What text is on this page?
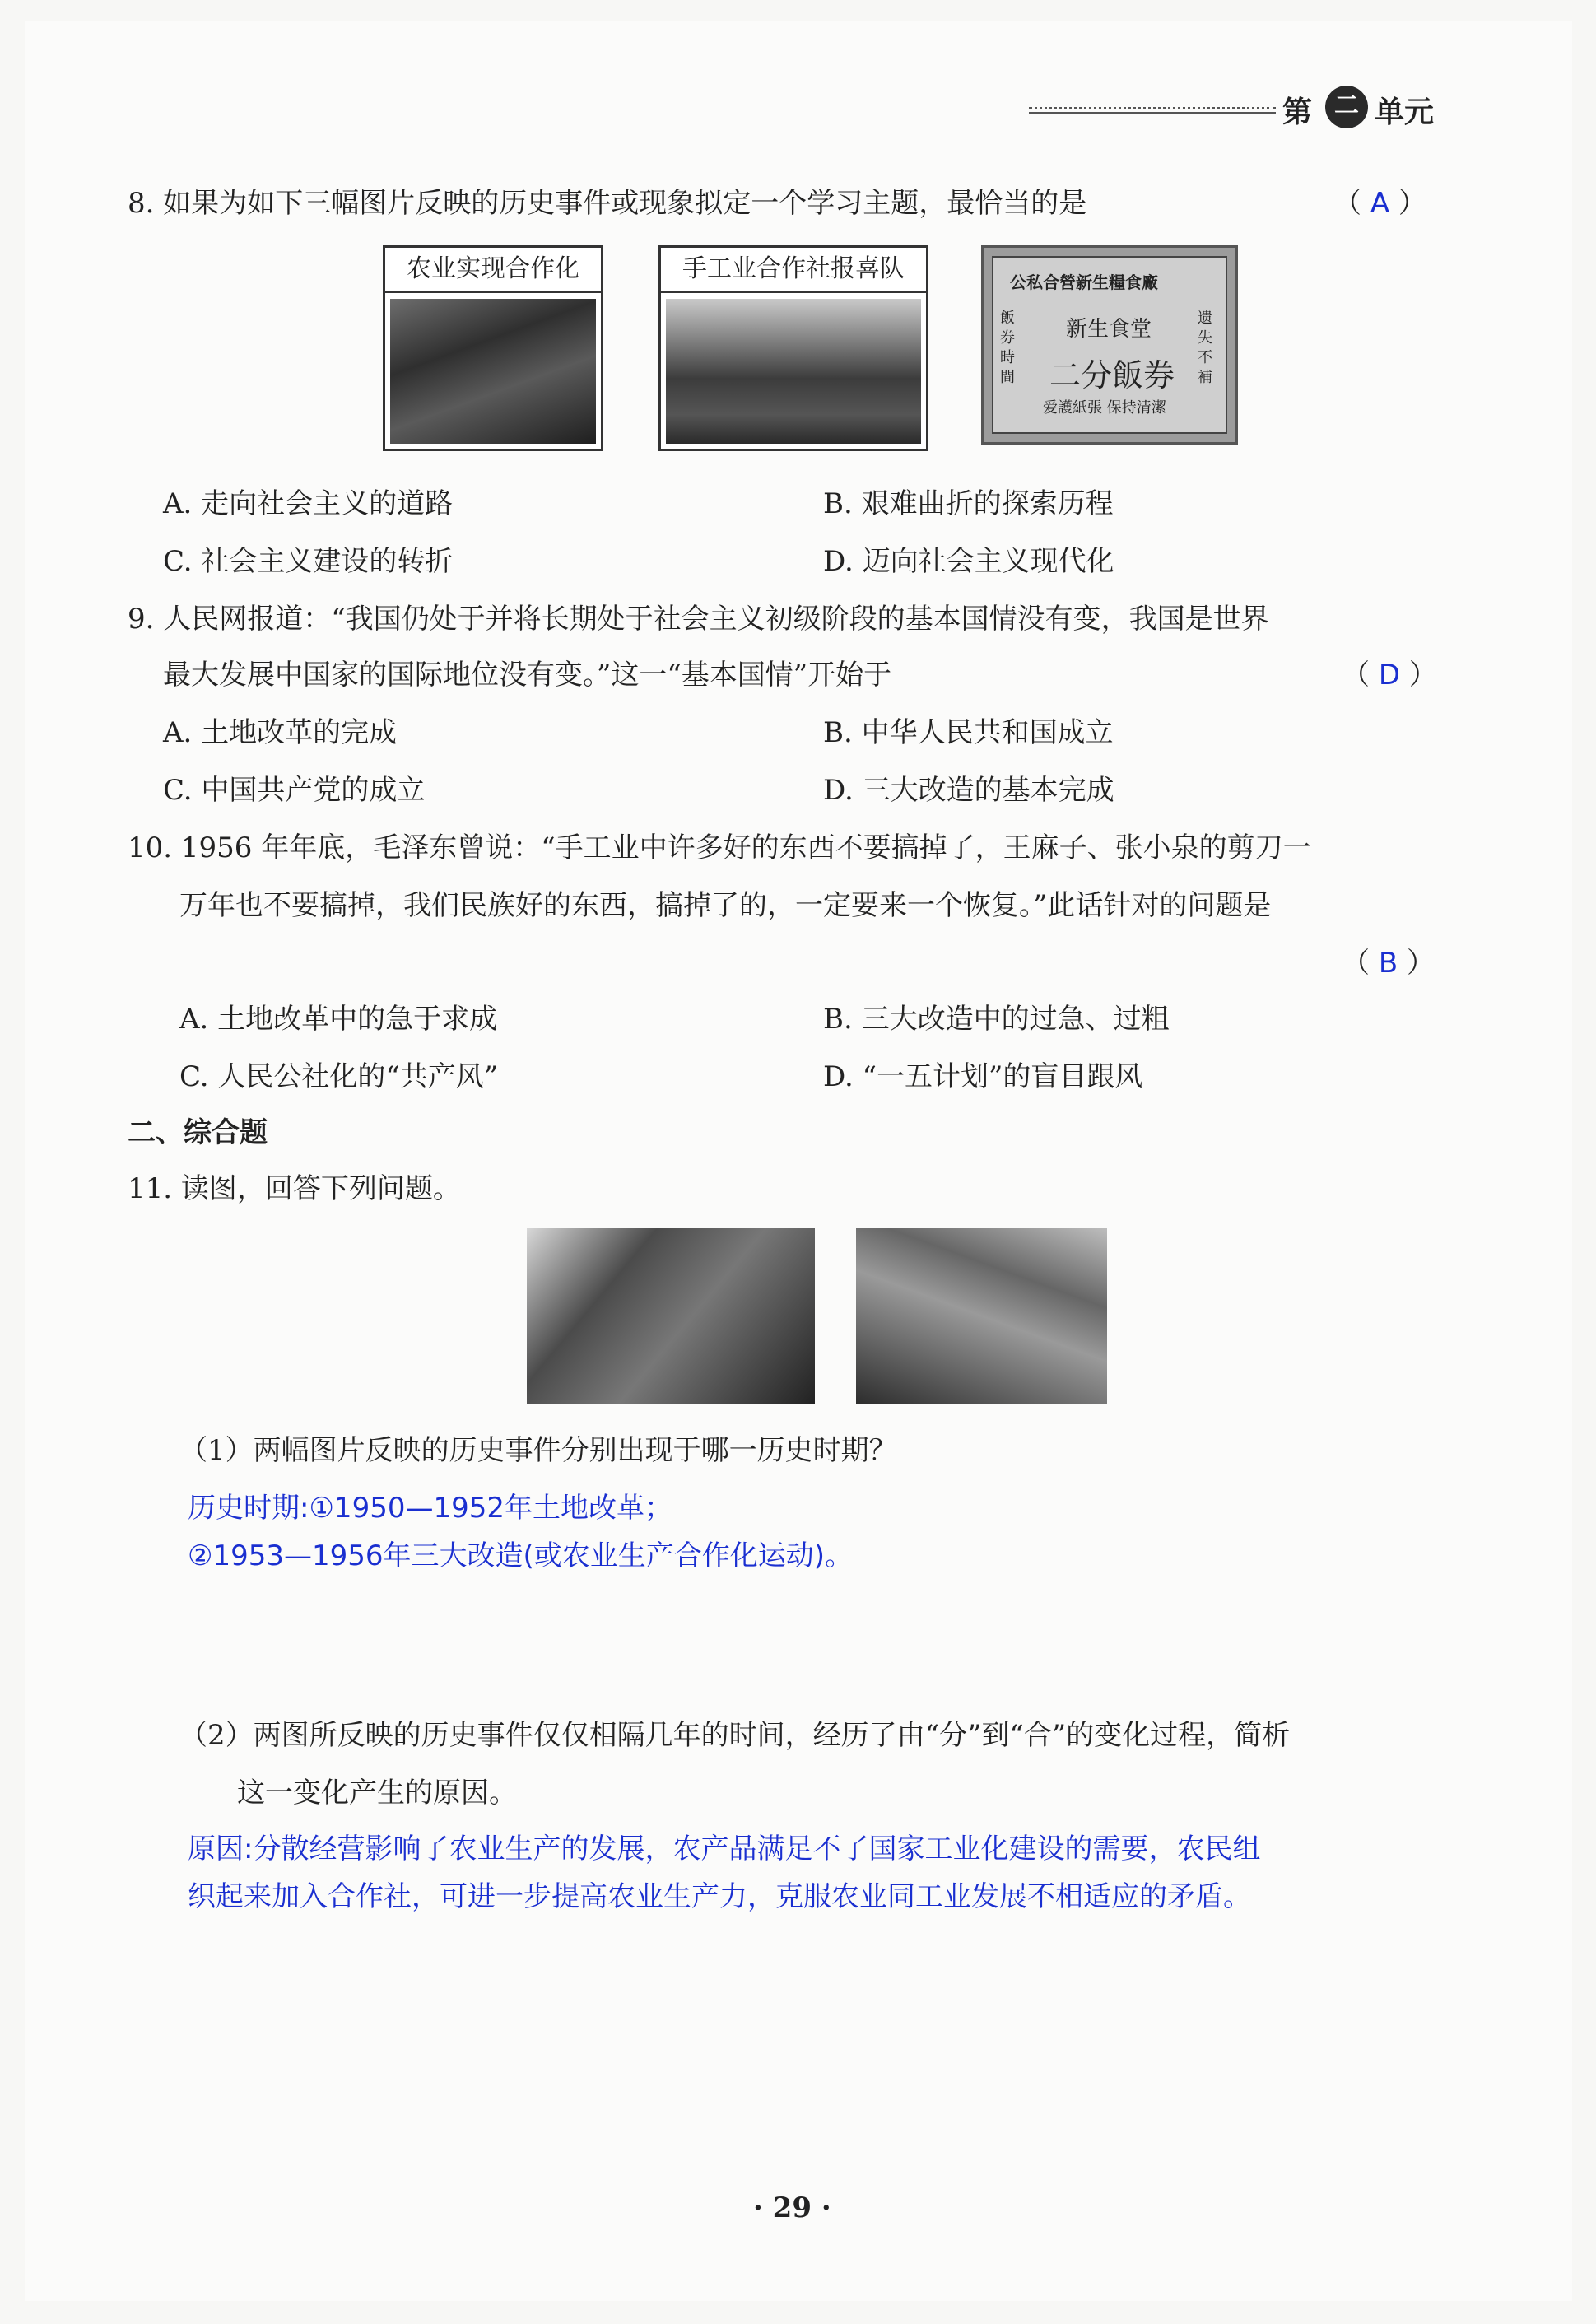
第 二 单元
8. 如果为如下三幅图片反映的历史事件或现象拟定一个学习主题，最恰当的是	（ A ）
农业实现合作化	手工业合作社报喜队	公私合營新生糧食廠
新生食堂
二分飯券
飯券時間
遗失不補
爱護紙張 保持清潔
A. 走向社会主义的道路	B. 艰难曲折的探索历程
C. 社会主义建设的转折	D. 迈向社会主义现代化
9. 人民网报道：“我国仍处于并将长期处于社会主义初级阶段的基本国情没有变，我国是世界
最大发展中国家的国际地位没有变。”这一“基本国情”开始于	（ D ）
A. 土地改革的完成	B. 中华人民共和国成立
C. 中国共产党的成立	D. 三大改造的基本完成
10. 1956 年年底，毛泽东曾说：“手工业中许多好的东西不要搞掉了，王麻子、张小泉的剪刀一
万年也不要搞掉，我们民族好的东西，搞掉了的，一定要来一个恢复。”此话针对的问题是
（ B ）
A. 土地改革中的急于求成	B. 三大改造中的过急、过粗
C. 人民公社化的“共产风”	D. “一五计划”的盲目跟风
二、综合题
11. 读图，回答下列问题。
（1）两幅图片反映的历史事件分别出现于哪一历史时期？
历史时期:①1950—1952年土地改革；
②1953—1956年三大改造(或农业生产合作化运动)。
（2）两图所反映的历史事件仅仅相隔几年的时间，经历了由“分”到“合”的变化过程，简析
这一变化产生的原因。
原因:分散经营影响了农业生产的发展，农产品满足不了国家工业化建设的需要，农民组
织起来加入合作社，可进一步提高农业生产力，克服农业同工业发展不相适应的矛盾。
· 29 ·
